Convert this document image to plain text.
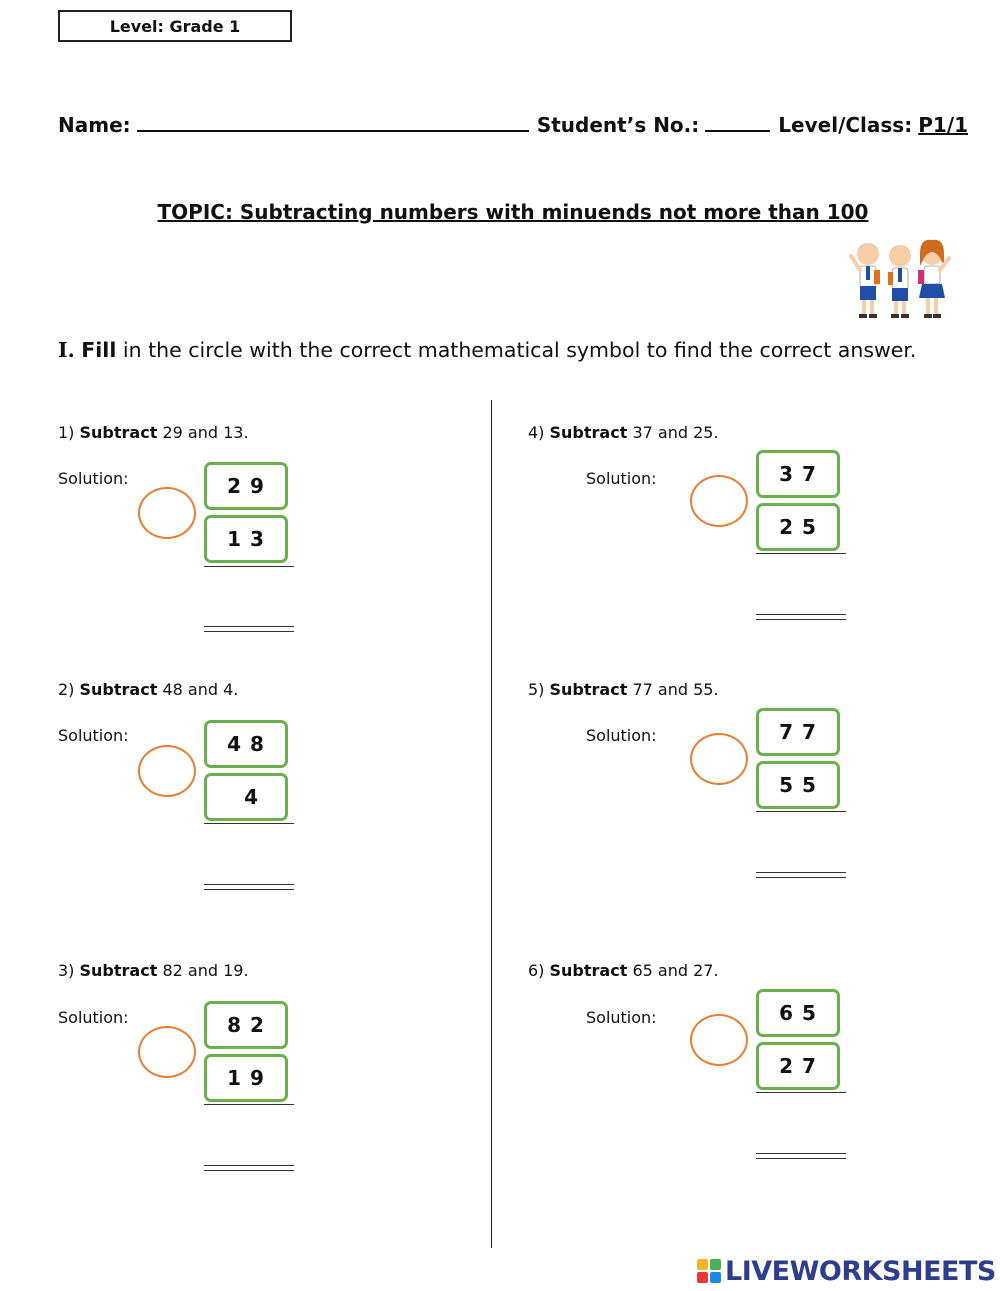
Level: Grade 1
Name:	Student’s No.:	Level/Class: P1/1
TOPIC: Subtracting numbers with minuends not more than 100
I. Fill in the circle with the correct mathematical symbol to find the correct answer.
1) Subtract 29 and 13.
Solution:	2 9
1 3
2) Subtract 48 and 4.
Solution:	4 8
4
3) Subtract 82 and 19.
Solution:	8 2
1 9
4) Subtract 37 and 25.
Solution:	3 7
2 5
5) Subtract 77 and 55.
Solution:	7 7
5 5
6) Subtract 65 and 27.
Solution:	6 5
2 7
LIVEWORKSHEETS
